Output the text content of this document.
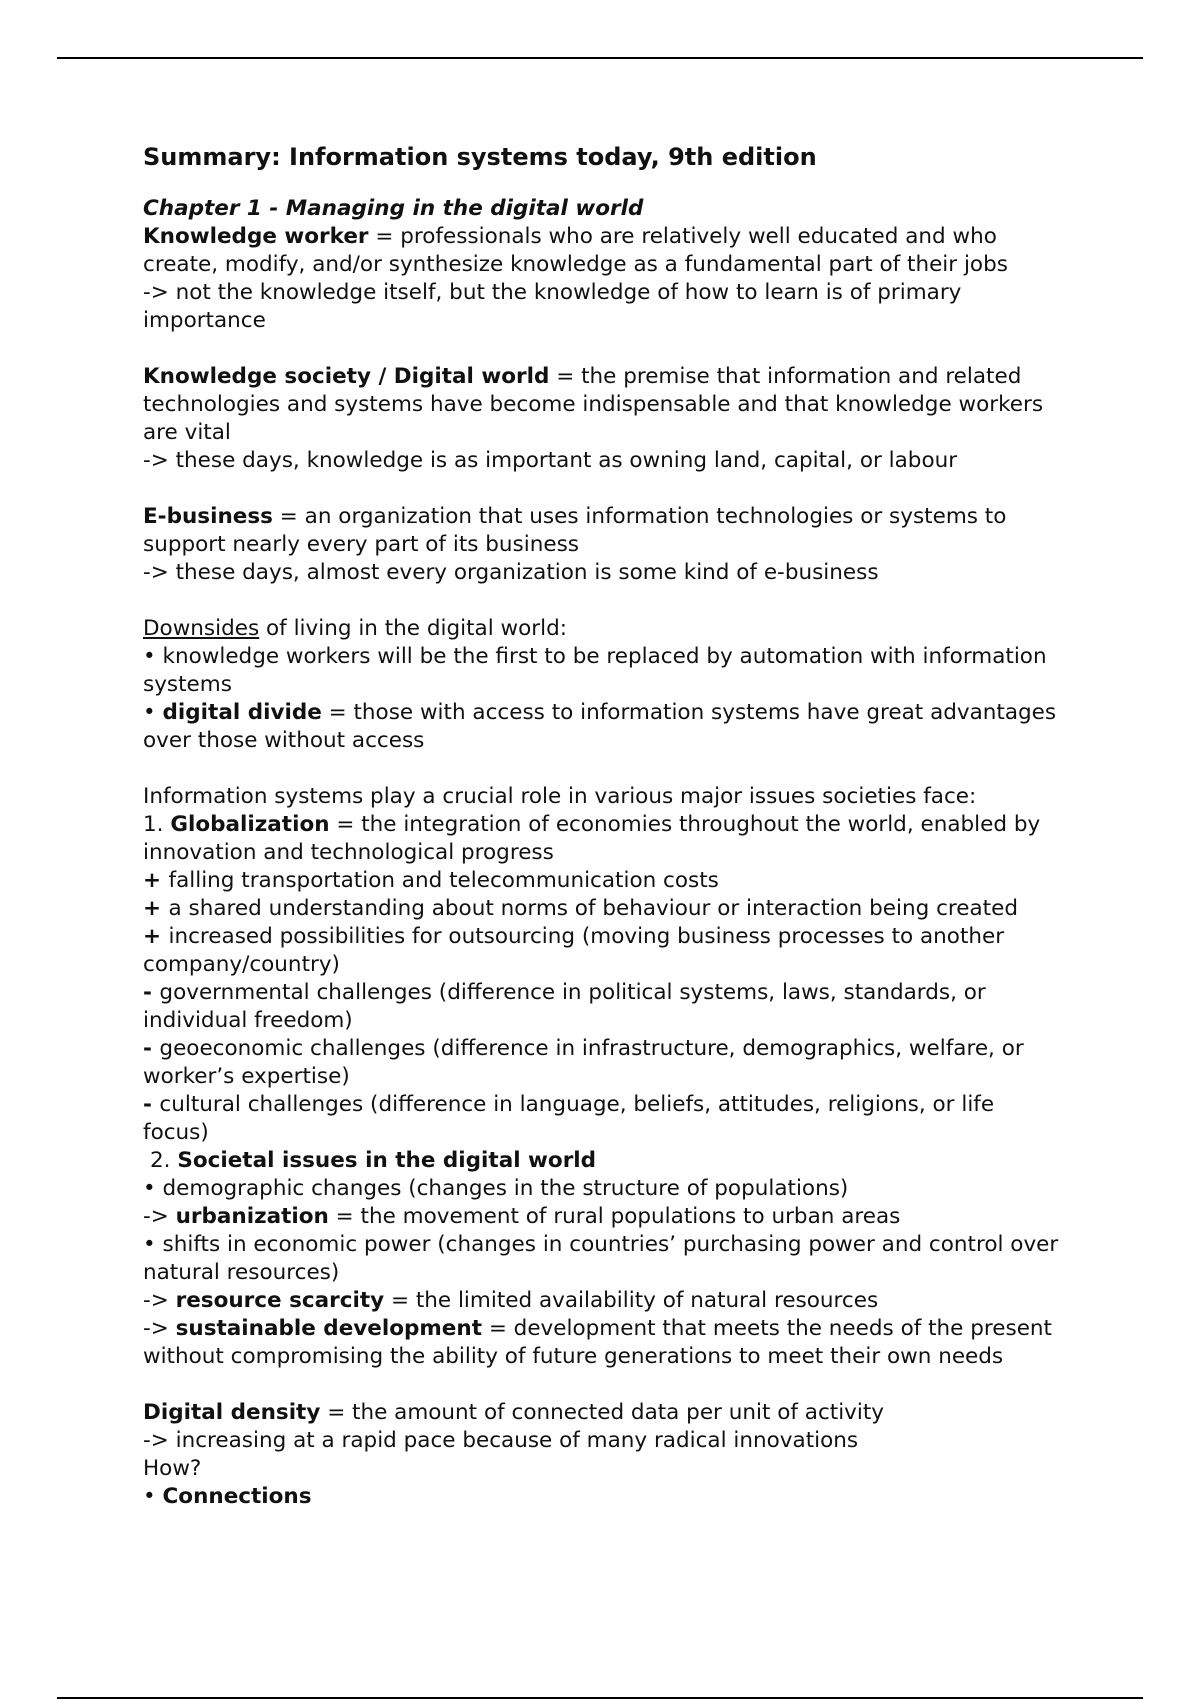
Summary: Information systems today, 9th edition
Chapter 1 - Managing in the digital world

Knowledge worker = professionals who are relatively well educated and who create, modify, and/or synthesize knowledge as a fundamental part of their jobs

-> not the knowledge itself, but the knowledge of how to learn is of primary importance

Knowledge society / Digital world = the premise that information and related technologies and systems have become indispensable and that knowledge workers are vital

-> these days, knowledge is as important as owning land, capital, or labour

E-business = an organization that uses information technologies or systems to support nearly every part of its business

-> these days, almost every organization is some kind of e-business

Downsides of living in the digital world:

• knowledge workers will be the first to be replaced by automation with information systems

• digital divide = those with access to information systems have great advantages over those without access

Information systems play a crucial role in various major issues societies face:

1. Globalization = the integration of economies throughout the world, enabled by innovation and technological progress

+ falling transportation and telecommunication costs

+ a shared understanding about norms of behaviour or interaction being created

+ increased possibilities for outsourcing (moving business processes to another company/country)

- governmental challenges (difference in political systems, laws, standards, or individual freedom)

- geoeconomic challenges (difference in infrastructure, demographics, welfare, or worker’s expertise)

- cultural challenges (difference in language, beliefs, attitudes, religions, or life focus)

2. Societal issues in the digital world

• demographic changes (changes in the structure of populations)

-> urbanization = the movement of rural populations to urban areas

• shifts in economic power (changes in countries’ purchasing power and control over natural resources)

-> resource scarcity = the limited availability of natural resources

-> sustainable development = development that meets the needs of the present without compromising the ability of future generations to meet their own needs

Digital density = the amount of connected data per unit of activity

-> increasing at a rapid pace because of many radical innovations

How?

• Connections
